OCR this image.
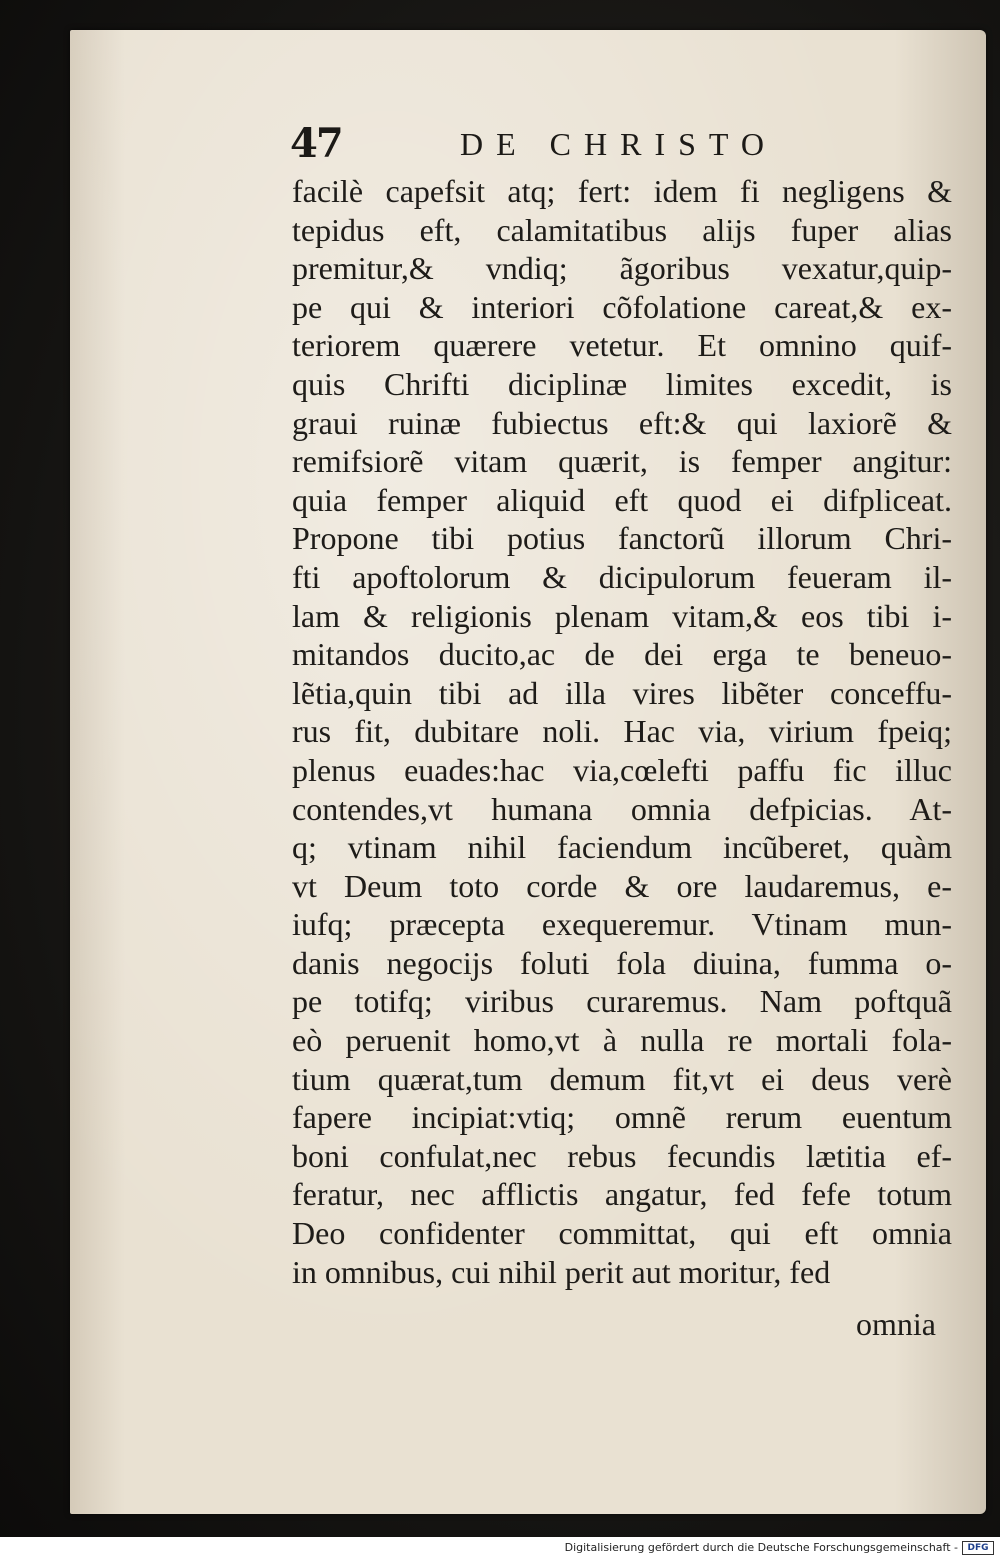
47	DE CHRISTO
facilè capefsit atq; fert: idem fi negligens &
tepidus eft, calamitatibus alijs fuper alias
premitur,& vndiq; ãgoribus vexatur,quip-
pe qui & interiori cõfolatione careat,& ex-
teriorem quærere vetetur. Et omnino quif-
quis Chrifti diciplinæ limites excedit, is
graui ruinæ fubiectus eft:& qui laxiorẽ &
remifsiorẽ vitam quærit, is femper angitur:
quia femper aliquid eft quod ei difpliceat.
Propone tibi potius fanctorũ illorum Chri-
fti apoftolorum & dicipulorum feueram il-
lam & religionis plenam vitam,& eos tibi i-
mitandos ducito,ac de dei erga te beneuo-
lẽtia,quin tibi ad illa vires libẽter conceffu-
rus fit, dubitare noli. Hac via, virium fpeiq;
plenus euades:hac via,cœlefti paffu fic illuc
contendes,vt humana omnia defpicias. At-
q; vtinam nihil faciendum incũberet, quàm
vt Deum toto corde & ore laudaremus, e-
iufq; præcepta exequeremur. Vtinam mun-
danis negocijs foluti fola diuina, fumma o-
pe totifq; viribus curaremus. Nam poftquã
eò peruenit homo,vt à nulla re mortali fola-
tium quærat,tum demum fit,vt ei deus verè
fapere incipiat:vtiq; omnẽ rerum euentum
boni confulat,nec rebus fecundis lætitia ef-
feratur, nec afflictis angatur, fed fefe totum
Deo confidenter committat, qui eft omnia
in omnibus, cui nihil perit aut moritur, fed
omnia
Digitalisierung gefördert durch die Deutsche Forschungsgemeinschaft -	DFG
